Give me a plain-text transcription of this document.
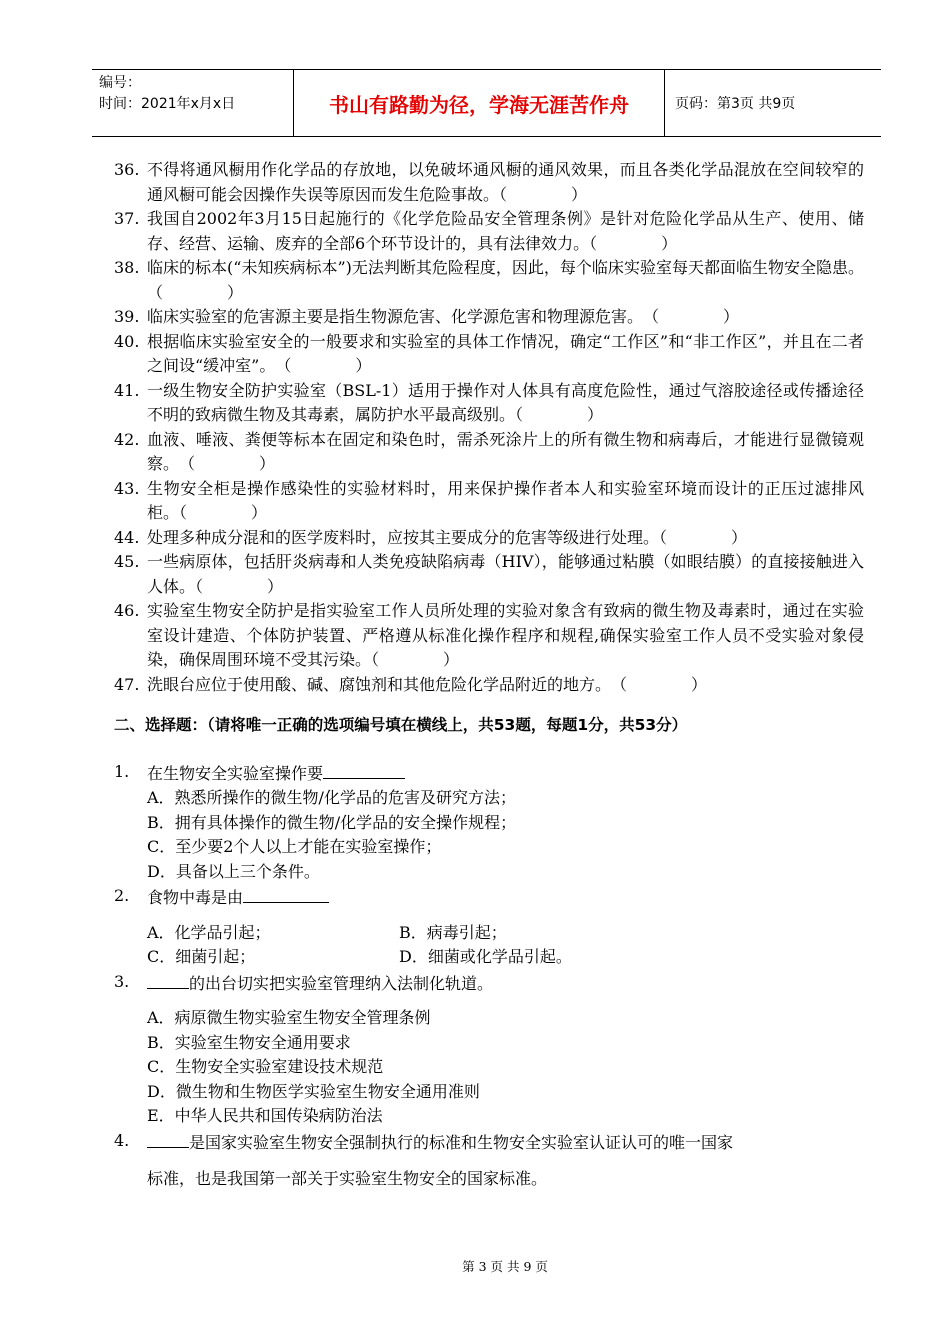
编号：
时间：2021年x月x日	书山有路勤为径，学海无涯苦作舟	页码：第3页 共9页
36. 不得将通风橱用作化学品的存放地，以免破坏通风橱的通风效果，而且各类化学品混放在空间较窄的通风橱可能会因操作失误等原因而发生危险事故。（　　　　）
37. 我国自2002年3月15日起施行的《化学危险品安全管理条例》是针对危险化学品从生产、使用、储存、经营、运输、废弃的全部6个环节设计的，具有法律效力。（　　　　）
38. 临床的标本(“未知疾病标本”)无法判断其危险程度，因此，每个临床实验室每天都面临生物安全隐患。（　　　　）
39. 临床实验室的危害源主要是指生物源危害、化学源危害和物理源危害。　（　　　　）
40. 根据临床实验室安全的一般要求和实验室的具体工作情况，确定“工作区”和“非工作区”，并且在二者之间设“缓冲室”。　（　　　　）
41. 一级生物安全防护实验室（BSL-1）适用于操作对人体具有高度危险性，通过气溶胶途径或传播途径不明的致病微生物及其毒素，属防护水平最高级别。（　　　　）
42. 血液、唾液、粪便等标本在固定和染色时，需杀死涂片上的所有微生物和病毒后，才能进行显微镜观察。　（　　　　）
43. 生物安全柜是操作感染性的实验材料时，用来保护操作者本人和实验室环境而设计的正压过滤排风柜。（　　　　）
44. 处理多种成分混和的医学废料时，应按其主要成分的危害等级进行处理。（　　　　）
45. 一些病原体，包括肝炎病毒和人类免疫缺陷病毒（HIV），能够通过粘膜（如眼结膜）的直接接触进入人体。（　　　　）
46. 实验室生物安全防护是指实验室工作人员所处理的实验对象含有致病的微生物及毒素时，通过在实验室设计建造、个体防护装置、严格遵从标准化操作程序和规程,确保实验室工作人员不受实验对象侵染，确保周围环境不受其污染。（　　　　）
47. 洗眼台应位于使用酸、碱、腐蚀剂和其他危险化学品附近的地方。　（　　　　）
二、选择题：（请将唯一正确的选项编号填在横线上，共53题，每题1分，共53分）
1.	在生物安全实验室操作要
A．熟悉所操作的微生物/化学品的危害及研究方法；
B．拥有具体操作的微生物/化学品的安全操作规程；
C．至少要2个人以上才能在实验室操作；
D．具备以上三个条件。
2.	食物中毒是由
A．化学品引起；	B．病毒引起；
C．细菌引起；	D．细菌或化学品引起。
3.	的出台切实把实验室管理纳入法制化轨道。
A．病原微生物实验室生物安全管理条例
B．实验室生物安全通用要求
C．生物安全实验室建设技术规范
D．微生物和生物医学实验室生物安全通用准则
E．中华人民共和国传染病防治法
4.	是国家实验室生物安全强制执行的标准和生物安全实验室认证认可的唯一国家
标准，也是我国第一部关于实验室生物安全的国家标准。
第 3 页 共 9 页
